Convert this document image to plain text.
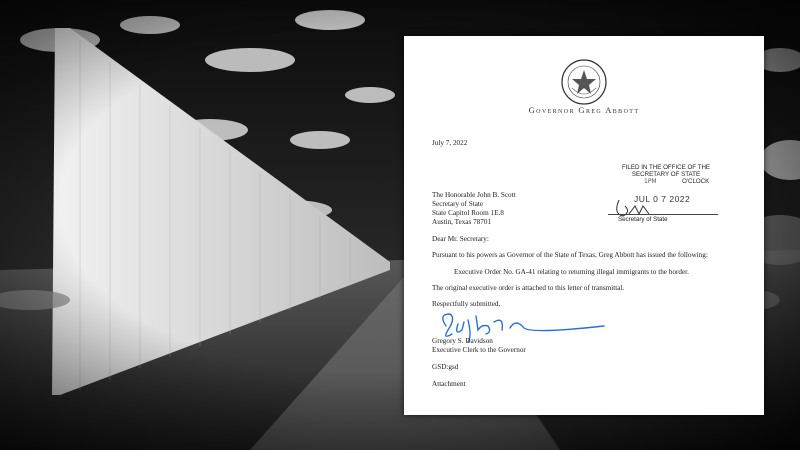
Governor Greg Abbott
July 7, 2022
FILED IN THE OFFICE OF THE
SECRETARY OF STATE
1PM	O'CLOCK
JUL 0 7 2022
Secretary of State
The Honorable John B. Scott
Secretary of State
State Capitol Room 1E.8
Austin, Texas 78701
Dear Mr. Secretary:
Pursuant to his powers as Governor of the State of Texas, Greg Abbott has issued the following:
Executive Order No. GA-41 relating to returning illegal immigrants to the border.
The original executive order is attached to this letter of transmittal.
Respectfully submitted,
Gregory S. Davidson
Executive Clerk to the Governor
GSD:gsd
Attachment
